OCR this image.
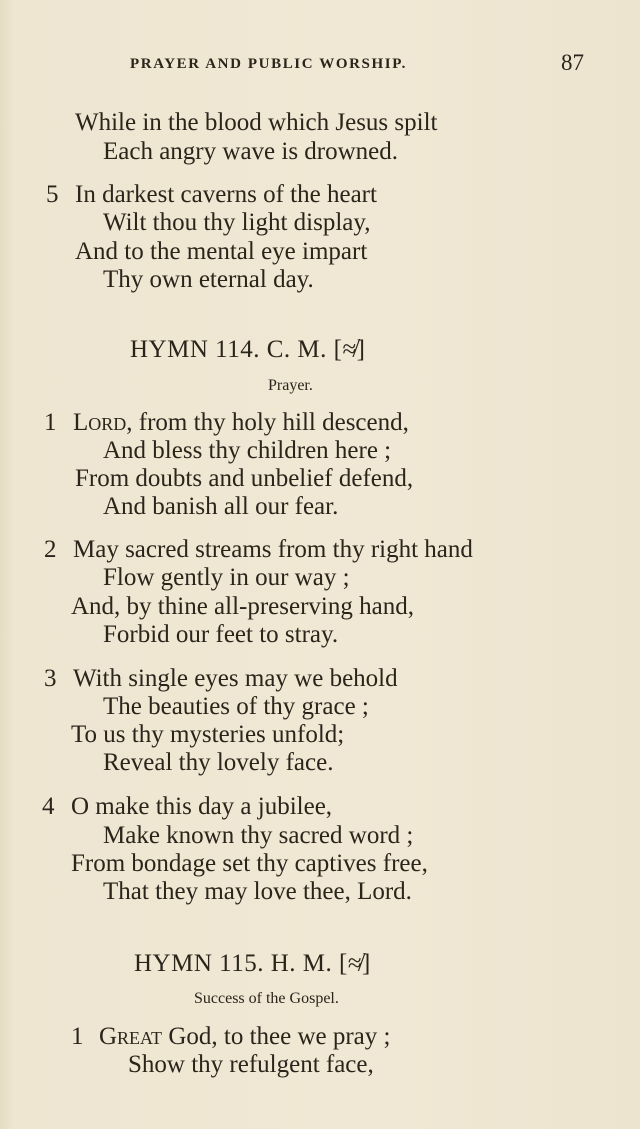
PRAYER AND PUBLIC WORSHIP.	87
While in the blood which Jesus spilt
Each angry wave is drowned.
5 In darkest caverns of the heart
Wilt thou thy light display,
And to the mental eye impart
Thy own eternal day.
HYMN 114. C. M. [≉]
Prayer.
1 Lord, from thy holy hill descend,
And bless thy children here ;
From doubts and unbelief defend,
And banish all our fear.
2 May sacred streams from thy right hand
Flow gently in our way ;
And, by thine all-preserving hand,
Forbid our feet to stray.
3 With single eyes may we behold
The beauties of thy grace ;
To us thy mysteries unfold;
Reveal thy lovely face.
4 O make this day a jubilee,
Make known thy sacred word ;
From bondage set thy captives free,
That they may love thee, Lord.
HYMN 115. H. M. [≉]
Success of the Gospel.
1 Great God, to thee we pray ;
Show thy refulgent face,
